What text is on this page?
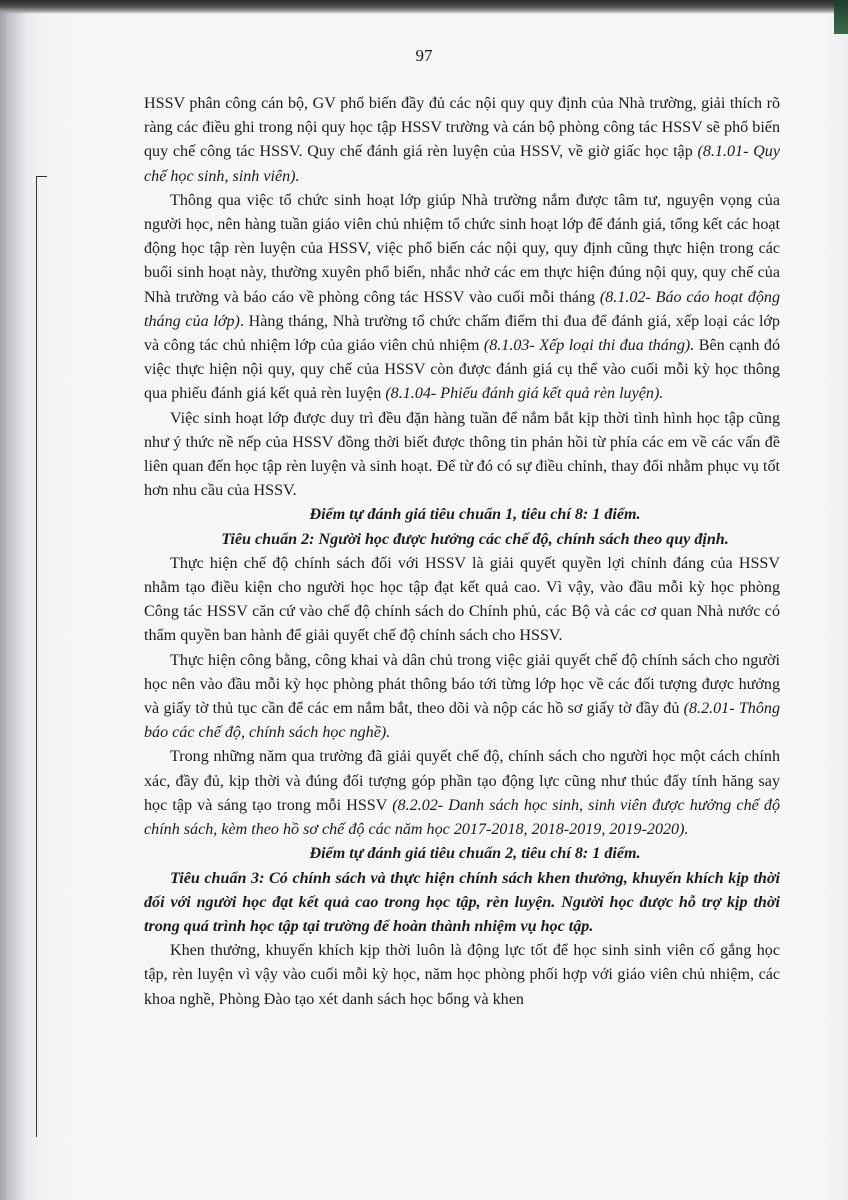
97

HSSV phân công cán bộ, GV phổ biến đầy đủ các nội quy quy định của Nhà trường, giải thích rõ ràng các điều ghi trong nội quy học tập HSSV trường và cán bộ phòng công tác HSSV sẽ phổ biến quy chế công tác HSSV. Quy chế đánh giá rèn luyện của HSSV, về giờ giấc học tập (8.1.01- Quy chế học sinh, sinh viên).

Thông qua việc tổ chức sinh hoạt lớp giúp Nhà trường nắm được tâm tư, nguyện vọng của người học, nên hàng tuần giáo viên chủ nhiệm tổ chức sinh hoạt lớp để đánh giá, tổng kết các hoạt động học tập rèn luyện của HSSV, việc phổ biến các nội quy, quy định cũng thực hiện trong các buổi sinh hoạt này, thường xuyên phổ biến, nhắc nhở các em thực hiện đúng nội quy, quy chế của Nhà trường và báo cáo về phòng công tác HSSV vào cuối mỗi tháng (8.1.02- Báo cáo hoạt động tháng của lớp). Hàng tháng, Nhà trường tổ chức chấm điểm thi đua để đánh giá, xếp loại các lớp và công tác chủ nhiệm lớp của giáo viên chủ nhiệm (8.1.03- Xếp loại thi đua tháng). Bên cạnh đó việc thực hiện nội quy, quy chế của HSSV còn được đánh giá cụ thể vào cuối mỗi kỳ học thông qua phiếu đánh giá kết quả rèn luyện (8.1.04- Phiếu đánh giá kết quả rèn luyện).

Việc sinh hoạt lớp được duy trì đều đặn hàng tuần để nắm bắt kịp thời tình hình học tập cũng như ý thức nề nếp của HSSV đồng thời biết được thông tin phản hồi từ phía các em về các vấn đề liên quan đến học tập rèn luyện và sinh hoạt. Để từ đó có sự điều chỉnh, thay đổi nhằm phục vụ tốt hơn nhu cầu của HSSV.

Điểm tự đánh giá tiêu chuẩn 1, tiêu chí 8: 1 điểm.

Tiêu chuẩn 2: Người học được hưởng các chế độ, chính sách theo quy định.

Thực hiện chế độ chính sách đối với HSSV là giải quyết quyền lợi chính đáng của HSSV nhằm tạo điều kiện cho người học học tập đạt kết quả cao. Vì vậy, vào đầu mỗi kỳ học phòng Công tác HSSV căn cứ vào chế độ chính sách do Chính phủ, các Bộ và các cơ quan Nhà nước có thẩm quyền ban hành để giải quyết chế độ chính sách cho HSSV.

Thực hiện công bằng, công khai và dân chủ trong việc giải quyết chế độ chính sách cho người học nên vào đầu mỗi kỳ học phòng phát thông báo tới từng lớp học về các đối tượng được hưởng và giấy tờ thủ tục cần để các em nắm bắt, theo dõi và nộp các hồ sơ giấy tờ đầy đủ (8.2.01- Thông báo các chế độ, chính sách học nghề).

Trong những năm qua trường đã giải quyết chế độ, chính sách cho người học một cách chính xác, đầy đủ, kịp thời và đúng đối tượng góp phần tạo động lực cũng như thúc đẩy tính hăng say học tập và sáng tạo trong mỗi HSSV (8.2.02- Danh sách học sinh, sinh viên được hưởng chế độ chính sách, kèm theo hồ sơ chế độ các năm học 2017-2018, 2018-2019, 2019-2020).

Điểm tự đánh giá tiêu chuẩn 2, tiêu chí 8: 1 điểm.

Tiêu chuẩn 3: Có chính sách và thực hiện chính sách khen thưởng, khuyến khích kịp thời đối với người học đạt kết quả cao trong học tập, rèn luyện. Người học được hỗ trợ kịp thời trong quá trình học tập tại trường để hoàn thành nhiệm vụ học tập.

Khen thưởng, khuyến khích kịp thời luôn là động lực tốt để học sinh sinh viên cố gắng học tập, rèn luyện vì vậy vào cuối mỗi kỳ học, năm học phòng phối hợp với giáo viên chủ nhiệm, các khoa nghề, Phòng Đào tạo xét danh sách học bổng và khen
